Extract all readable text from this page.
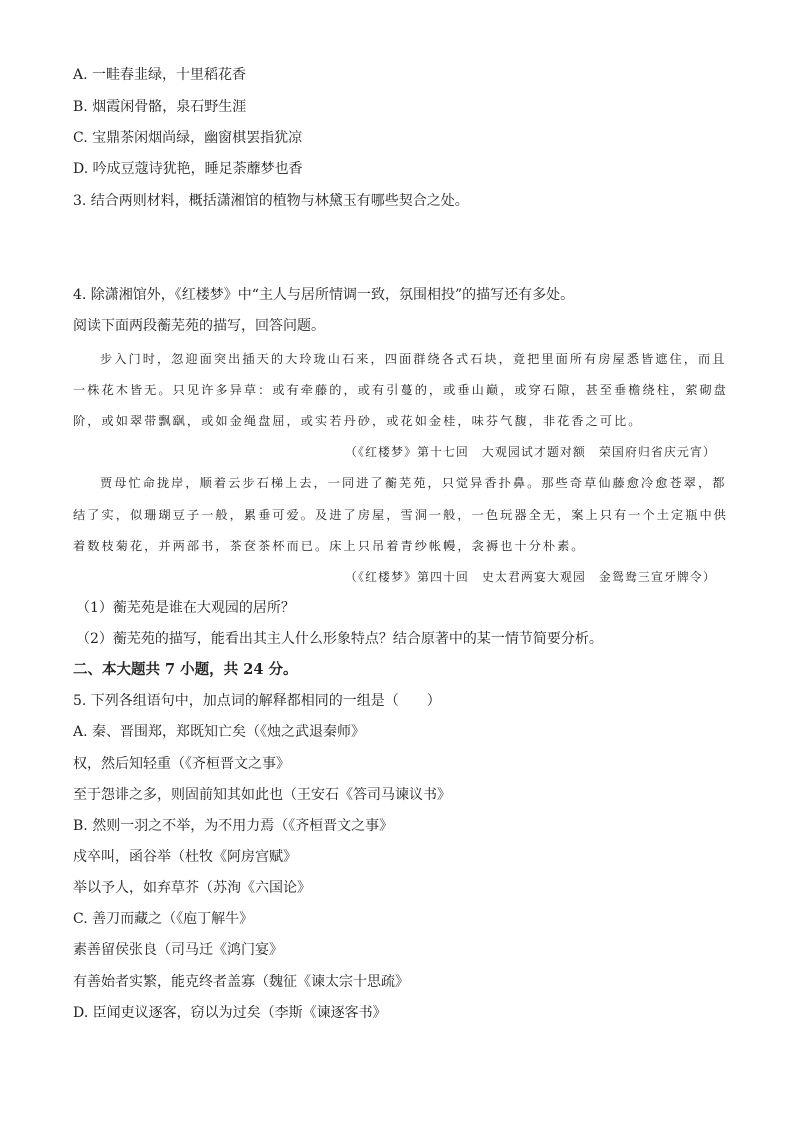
A. 一畦春韭绿，十里稻花香
B. 烟霞闲骨骼，泉石野生涯
C. 宝鼎茶闲烟尚绿，幽窗棋罢指犹凉
D. 吟成豆蔻诗犹艳，睡足荼蘼梦也香
3. 结合两则材料，概括潇湘馆的植物与林黛玉有哪些契合之处。
4. 除潇湘馆外，《红楼梦》中“主人与居所情调一致，氛围相投”的描写还有多处。
阅读下面两段蘅芜苑的描写，回答问题。
步入门时，忽迎面突出插天的大玲珑山石来，四面群绕各式石块，竟把里面所有房屋悉皆遮住，而且
一株花木皆无。只见许多异草：或有牵藤的，或有引蔓的，或垂山巅，或穿石隙，甚至垂檐绕柱，萦砌盘
阶，或如翠带飘飖，或如金绳盘屈，或实若丹砂，或花如金桂，味芬气馥，非花香之可比。
（《红楼梦》第十七回　大观园试才题对额　荣国府归省庆元宵）
贾母忙命拢岸，顺着云步石梯上去，一同进了蘅芜苑，只觉异香扑鼻。那些奇草仙藤愈冷愈苍翠，都
结了实，似珊瑚豆子一般，累垂可爱。及进了房屋，雪洞一般，一色玩器全无，案上只有一个土定瓶中供
着数枝菊花，并两部书，茶奁茶杯而已。床上只吊着青纱帐幔，衾褥也十分朴素。
（《红楼梦》第四十回　史太君两宴大观园　金鸳鸯三宣牙牌令）
（1）蘅芜苑是谁在大观园的居所？
（2）蘅芜苑的描写，能看出其主人什么形象特点？结合原著中的某一情节简要分析。
二、本大题共 7 小题，共 24 分。
5. 下列各组语句中，加点词的解释都相同的一组是（　　）
A. 秦、晋围郑，郑既知亡矣（《烛之武退秦师》
权，然后知轻重（《齐桓晋文之事》
至于怨诽之多，则固前知其如此也（王安石《答司马谏议书》
B. 然则一羽之不举，为不用力焉（《齐桓晋文之事》
戍卒叫，函谷举（杜牧《阿房宫赋》
举以予人，如弃草芥（苏洵《六国论》
C. 善刀而藏之（《庖丁解牛》
素善留侯张良（司马迁《鸿门宴》
有善始者实繁，能克终者盖寡（魏征《谏太宗十思疏》
D. 臣闻吏议逐客，窃以为过矣（李斯《谏逐客书》
